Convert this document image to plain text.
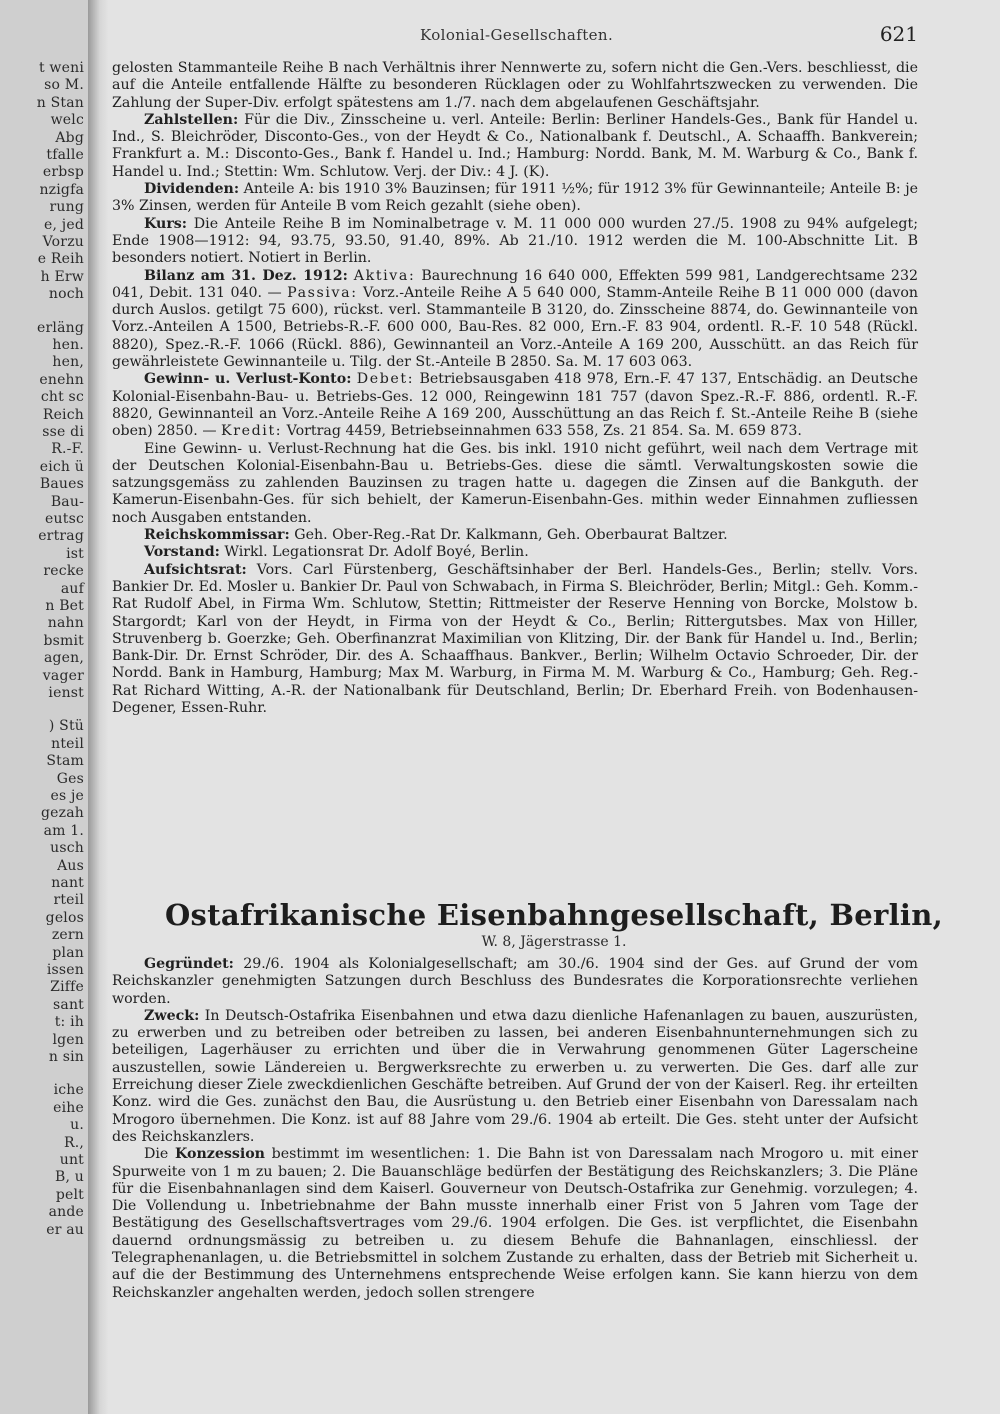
t weni
so M.
n Stan
welc
Abg
tfalle
erbsp
nzigfa
rung
e, jed
Vorzu
e Reih
h Erw
noch
erläng
hen.
hen,
enehn
cht sc
Reich
sse di
R.-F.
eich ü
Baues
Bau-
eutsc
ertrag
ist
recke
auf
n Bet
nahn
bsmit
agen,
vager
ienst
) Stü
nteil
Stam
Ges
es je
gezah
am 1.
usch
Aus
nant
rteil
gelos
zern
plan
issen
Ziffe
sant
t: ih
lgen
n sin
iche
eihe
u.
R.,
unt
B, u
pelt
ande
er au
Kolonial-Gesellschaften.	621

gelosten Stammanteile Reihe B nach Verhältnis ihrer Nennwerte zu, sofern nicht die Gen.-Vers. beschliesst, die auf die Anteile entfallende Hälfte zu besonderen Rücklagen oder zu Wohlfahrtszwecken zu verwenden. Die Zahlung der Super-Div. erfolgt spätestens am 1./7. nach dem abgelaufenen Geschäftsjahr.

Zahlstellen: Für die Div., Zinsscheine u. verl. Anteile: Berlin: Berliner Handels-Ges., Bank für Handel u. Ind., S. Bleichröder, Disconto-Ges., von der Heydt & Co., Nationalbank f. Deutschl., A. Schaaffh. Bankverein; Frankfurt a. M.: Disconto-Ges., Bank f. Handel u. Ind.; Hamburg: Nordd. Bank, M. M. Warburg & Co., Bank f. Handel u. Ind.; Stettin: Wm. Schlutow. Verj. der Div.: 4 J. (K).

Dividenden: Anteile A: bis 1910 3% Bauzinsen; für 1911 ½%; für 1912 3% für Gewinnanteile; Anteile B: je 3% Zinsen, werden für Anteile B vom Reich gezahlt (siehe oben).

Kurs: Die Anteile Reihe B im Nominalbetrage v. M. 11 000 000 wurden 27./5. 1908 zu 94% aufgelegt; Ende 1908—1912: 94, 93.75, 93.50, 91.40, 89%. Ab 21./10. 1912 werden die M. 100-Abschnitte Lit. B besonders notiert. Notiert in Berlin.

Bilanz am 31. Dez. 1912: Aktiva: Baurechnung 16 640 000, Effekten 599 981, Landgerechtsame 232 041, Debit. 131 040. — Passiva: Vorz.-Anteile Reihe A 5 640 000, Stamm-Anteile Reihe B 11 000 000 (davon durch Auslos. getilgt 75 600), rückst. verl. Stammanteile B 3120, do. Zinsscheine 8874, do. Gewinnanteile von Vorz.-Anteilen A 1500, Betriebs-R.-F. 600 000, Bau-Res. 82 000, Ern.-F. 83 904, ordentl. R.-F. 10 548 (Rückl. 8820), Spez.-R.-F. 1066 (Rückl. 886), Gewinnanteil an Vorz.-Anteile A 169 200, Ausschütt. an das Reich für gewährleistete Gewinnanteile u. Tilg. der St.-Anteile B 2850. Sa. M. 17 603 063.

Gewinn- u. Verlust-Konto: Debet: Betriebsausgaben 418 978, Ern.-F. 47 137, Entschädig. an Deutsche Kolonial-Eisenbahn-Bau- u. Betriebs-Ges. 12 000, Reingewinn 181 757 (davon Spez.-R.-F. 886, ordentl. R.-F. 8820, Gewinnanteil an Vorz.-Anteile Reihe A 169 200, Ausschüttung an das Reich f. St.-Anteile Reihe B (siehe oben) 2850. — Kredit: Vortrag 4459, Betriebseinnahmen 633 558, Zs. 21 854. Sa. M. 659 873.

Eine Gewinn- u. Verlust-Rechnung hat die Ges. bis inkl. 1910 nicht geführt, weil nach dem Vertrage mit der Deutschen Kolonial-Eisenbahn-Bau u. Betriebs-Ges. diese die sämtl. Verwaltungskosten sowie die satzungsgemäss zu zahlenden Bauzinsen zu tragen hatte u. dagegen die Zinsen auf die Bankguth. der Kamerun-Eisenbahn-Ges. für sich behielt, der Kamerun-Eisenbahn-Ges. mithin weder Einnahmen zufliessen noch Ausgaben entstanden.

Reichskommissar: Geh. Ober-Reg.-Rat Dr. Kalkmann, Geh. Oberbaurat Baltzer.

Vorstand: Wirkl. Legationsrat Dr. Adolf Boyé, Berlin.

Aufsichtsrat: Vors. Carl Fürstenberg, Geschäftsinhaber der Berl. Handels-Ges., Berlin; stellv. Vors. Bankier Dr. Ed. Mosler u. Bankier Dr. Paul von Schwabach, in Firma S. Bleichröder, Berlin; Mitgl.: Geh. Komm.-Rat Rudolf Abel, in Firma Wm. Schlutow, Stettin; Rittmeister der Reserve Henning von Borcke, Molstow b. Stargordt; Karl von der Heydt, in Firma von der Heydt & Co., Berlin; Rittergutsbes. Max von Hiller, Struvenberg b. Goerzke; Geh. Oberfinanzrat Maximilian von Klitzing, Dir. der Bank für Handel u. Ind., Berlin; Bank-Dir. Dr. Ernst Schröder, Dir. des A. Schaaffhaus. Bankver., Berlin; Wilhelm Octavio Schroeder, Dir. der Nordd. Bank in Hamburg, Hamburg; Max M. Warburg, in Firma M. M. Warburg & Co., Hamburg; Geh. Reg.-Rat Richard Witting, A.-R. der Nationalbank für Deutschland, Berlin; Dr. Eberhard Freih. von Bodenhausen-Degener, Essen-Ruhr.

Ostafrikanische Eisenbahngesellschaft, Berlin,
W. 8, Jägerstrasse 1.

Gegründet: 29./6. 1904 als Kolonialgesellschaft; am 30./6. 1904 sind der Ges. auf Grund der vom Reichskanzler genehmigten Satzungen durch Beschluss des Bundesrates die Korporationsrechte verliehen worden.

Zweck: In Deutsch-Ostafrika Eisenbahnen und etwa dazu dienliche Hafenanlagen zu bauen, auszurüsten, zu erwerben und zu betreiben oder betreiben zu lassen, bei anderen Eisenbahnunternehmungen sich zu beteiligen, Lagerhäuser zu errichten und über die in Verwahrung genommenen Güter Lagerscheine auszustellen, sowie Ländereien u. Bergwerksrechte zu erwerben u. zu verwerten. Die Ges. darf alle zur Erreichung dieser Ziele zweckdienlichen Geschäfte betreiben. Auf Grund der von der Kaiserl. Reg. ihr erteilten Konz. wird die Ges. zunächst den Bau, die Ausrüstung u. den Betrieb einer Eisenbahn von Daressalam nach Mrogoro übernehmen. Die Konz. ist auf 88 Jahre vom 29./6. 1904 ab erteilt. Die Ges. steht unter der Aufsicht des Reichskanzlers.

Die Konzession bestimmt im wesentlichen: 1. Die Bahn ist von Daressalam nach Mrogoro u. mit einer Spurweite von 1 m zu bauen; 2. Die Bauanschläge bedürfen der Bestätigung des Reichskanzlers; 3. Die Pläne für die Eisenbahnanlagen sind dem Kaiserl. Gouverneur von Deutsch-Ostafrika zur Genehmig. vorzulegen; 4. Die Vollendung u. Inbetriebnahme der Bahn musste innerhalb einer Frist von 5 Jahren vom Tage der Bestätigung des Gesellschaftsvertrages vom 29./6. 1904 erfolgen. Die Ges. ist verpflichtet, die Eisenbahn dauernd ordnungsmässig zu betreiben u. zu diesem Behufe die Bahnanlagen, einschliessl. der Telegraphenanlagen, u. die Betriebsmittel in solchem Zustande zu erhalten, dass der Betrieb mit Sicherheit u. auf die der Bestimmung des Unternehmens entsprechende Weise erfolgen kann. Sie kann hierzu von dem Reichskanzler angehalten werden, jedoch sollen strengere
